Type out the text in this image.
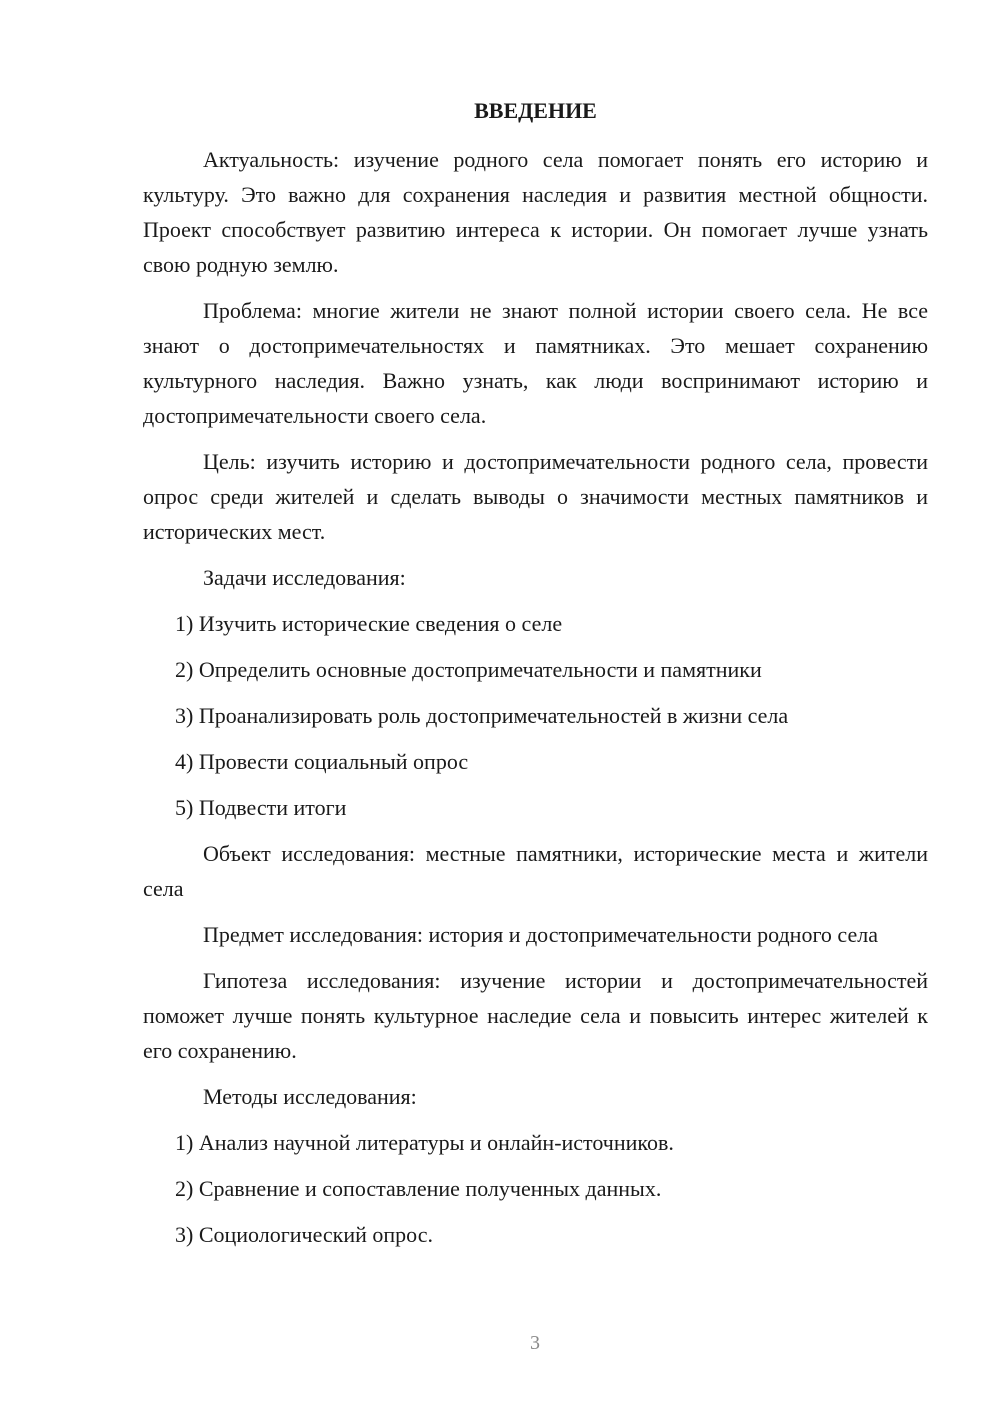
ВВЕДЕНИЕ

Актуальность: изучение родного села помогает понять его историю и культуру. Это важно для сохранения наследия и развития местной общности. Проект способствует развитию интереса к истории. Он помогает лучше узнать свою родную землю.

Проблема: многие жители не знают полной истории своего села. Не все знают о достопримечательностях и памятниках. Это мешает сохранению культурного наследия. Важно узнать, как люди воспринимают историю и достопримечательности своего села.

Цель: изучить историю и достопримечательности родного села, провести опрос среди жителей и сделать выводы о значимости местных памятников и исторических мест.

Задачи исследования:
1) Изучить исторические сведения о селе
2) Определить основные достопримечательности и памятники
3) Проанализировать роль достопримечательностей в жизни села
4) Провести социальный опрос
5) Подвести итоги

Объект исследования: местные памятники, исторические места и жители села

Предмет исследования: история и достопримечательности родного села

Гипотеза исследования: изучение истории и достопримечательностей поможет лучше понять культурное наследие села и повысить интерес жителей к его сохранению.

Методы исследования:
1) Анализ научной литературы и онлайн-источников.
2) Сравнение и сопоставление полученных данных.
3) Социологический опрос.
3
